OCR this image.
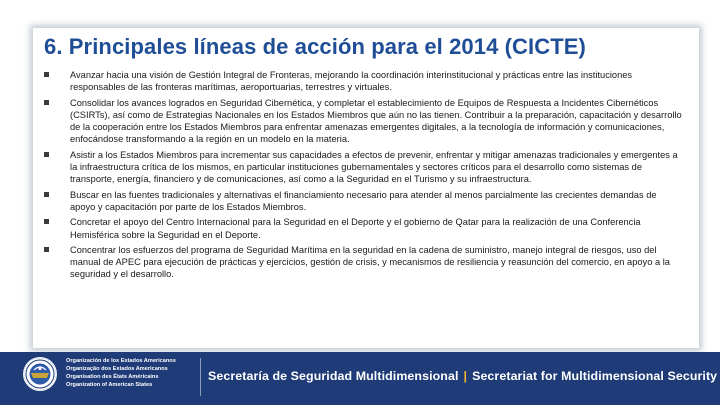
6. Principales líneas de acción para el 2014 (CICTE)
Avanzar hacia una visión de Gestión Integral de Fronteras, mejorando la coordinación interinstitucional y prácticas entre las instituciones responsables de las fronteras marítimas, aeroportuarias, terrestres y virtuales.
Consolidar los avances logrados en Seguridad Cibernética, y completar el establecimiento de Equipos de Respuesta a Incidentes Cibernéticos (CSIRTs), así como de Estrategias Nacionales en los Estados Miembros que aún no las tienen. Contribuir a la preparación, capacitación y desarrollo de la cooperación entre los Estados Miembros para enfrentar amenazas emergentes digitales, a la tecnología de información y comunicaciones, enfocándose transformando a la región en un modelo en la materia.
Asistir a los Estados Miembros para incrementar sus capacidades a efectos de prevenir, enfrentar y mitigar amenazas tradicionales y emergentes a la infraestructura crítica de los mismos, en particular instituciones gubernamentales y sectores críticos para el desarrollo como sistemas de transporte, energía, financiero y de comunicaciones, así como a la Seguridad en el Turismo y su infraestructura.
Buscar en las fuentes tradicionales y alternativas el financiamiento necesario para atender al menos parcialmente las crecientes demandas de apoyo y capacitación por parte de los Estados Miembros.
Concretar el apoyo del Centro Internacional para la Seguridad en el Deporte y el gobierno de Qatar para la realización de una Conferencia Hemisférica sobre la Seguridad en el Deporte.
Concentrar los esfuerzos del programa de Seguridad Marítima en la seguridad en la cadena de suministro, manejo integral de riesgos, uso del manual de APEC para ejecución de prácticas y ejercicios, gestión de crisis, y mecanismos de resiliencia y reasunción del comercio, en apoyo a la seguridad y el desarrollo.
Organización de los Estados Americanos
Organização dos Estados Americanos
Organisation des États Américains
Organization of American States
Secretaría de Seguridad Multidimensional | Secretariat for Multidimensional Security
